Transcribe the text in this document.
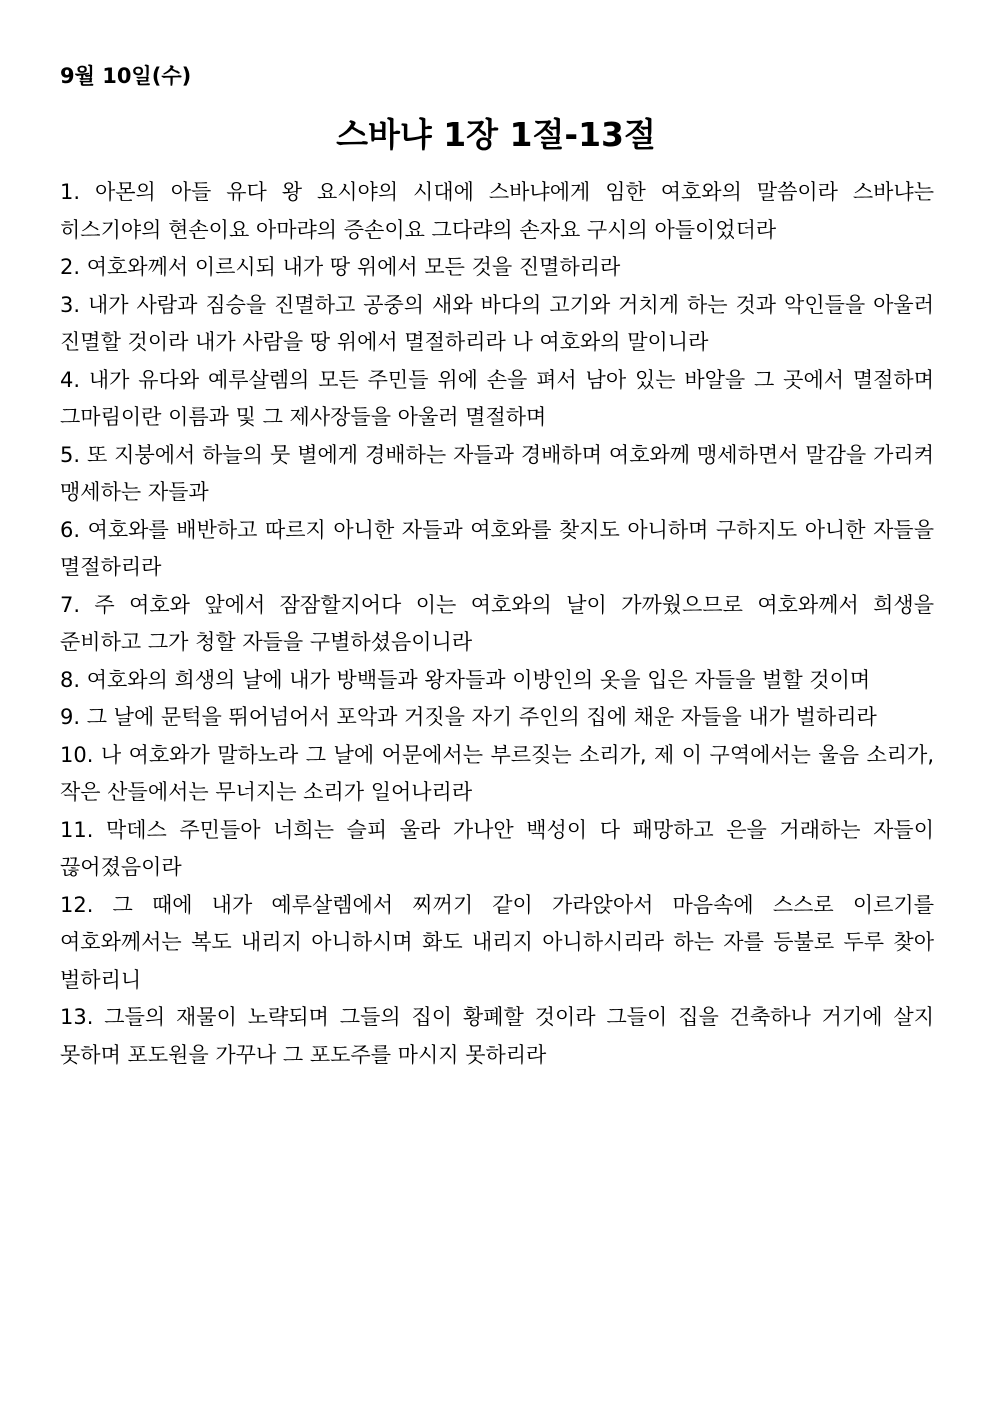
9월 10일(수)
스바냐 1장 1절-13절
1. 아몬의 아들 유다 왕 요시야의 시대에 스바냐에게 임한 여호와의 말씀이라 스바냐는 히스기야의 현손이요 아마랴의 증손이요 그다랴의 손자요 구시의 아들이었더라
2. 여호와께서 이르시되 내가 땅 위에서 모든 것을 진멸하리라
3. 내가 사람과 짐승을 진멸하고 공중의 새와 바다의 고기와 거치게 하는 것과 악인들을 아울러 진멸할 것이라 내가 사람을 땅 위에서 멸절하리라 나 여호와의 말이니라
4. 내가 유다와 예루살렘의 모든 주민들 위에 손을 펴서 남아 있는 바알을 그 곳에서 멸절하며 그마림이란 이름과 및 그 제사장들을 아울러 멸절하며
5. 또 지붕에서 하늘의 뭇 별에게 경배하는 자들과 경배하며 여호와께 맹세하면서 말감을 가리켜 맹세하는 자들과
6. 여호와를 배반하고 따르지 아니한 자들과 여호와를 찾지도 아니하며 구하지도 아니한 자들을 멸절하리라
7. 주 여호와 앞에서 잠잠할지어다 이는 여호와의 날이 가까웠으므로 여호와께서 희생을 준비하고 그가 청할 자들을 구별하셨음이니라
8. 여호와의 희생의 날에 내가 방백들과 왕자들과 이방인의 옷을 입은 자들을 벌할 것이며
9. 그 날에 문턱을 뛰어넘어서 포악과 거짓을 자기 주인의 집에 채운 자들을 내가 벌하리라
10. 나 여호와가 말하노라 그 날에 어문에서는 부르짖는 소리가, 제 이 구역에서는 울음 소리가, 작은 산들에서는 무너지는 소리가 일어나리라
11. 막데스 주민들아 너희는 슬피 울라 가나안 백성이 다 패망하고 은을 거래하는 자들이 끊어졌음이라
12. 그 때에 내가 예루살렘에서 찌꺼기 같이 가라앉아서 마음속에 스스로 이르기를 여호와께서는 복도 내리지 아니하시며 화도 내리지 아니하시리라 하는 자를 등불로 두루 찾아 벌하리니
13. 그들의 재물이 노략되며 그들의 집이 황폐할 것이라 그들이 집을 건축하나 거기에 살지 못하며 포도원을 가꾸나 그 포도주를 마시지 못하리라
